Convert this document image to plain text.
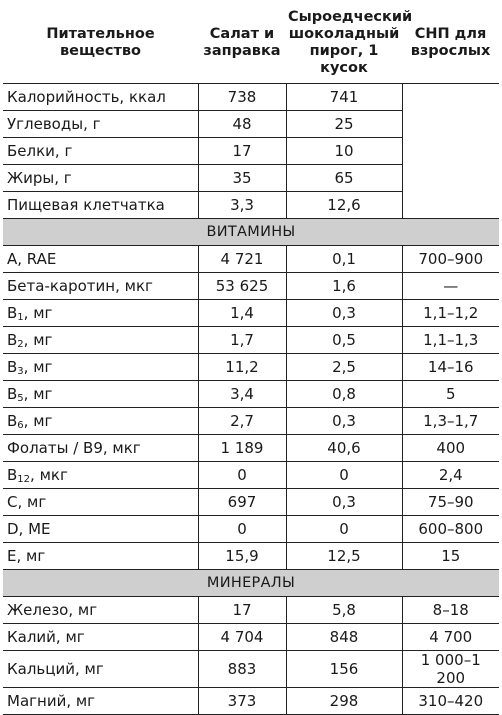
Питательное вещество	Салат и заправка	Сыроедческий шоколадный пирог, 1 кусок	СНП для взрослых
Калорийность, ккал	738	741	
Углеводы, г	48	25	
Белки, г	17	10	
Жиры, г	35	65	
Пищевая клетчатка	3,3	12,6	
ВИТАМИНЫ			
A, RAE	4 721	0,1	700–900
Бета-каротин, мкг	53 625	1,6	—
$B_1$, мг	1,4	0,3	1,1–1,2
$B_2$, мг	1,7	0,5	1,1–1,3
$B_3$, мг	11,2	2,5	14–16
$B_5$, мг	3,4	0,8	5
$B_6$, мг	2,7	0,3	1,3–1,7
Фолаты / B9, мкг	1 189	40,6	400
$B_{12}$, мкг	0	0	2,4
C, мг	697	0,3	75–90
D, ME	0	0	600–800
E, мг	15,9	12,5	15
МИНЕРАЛЫ			
Железо, мг	17	5,8	8–18
Калий, мг	4 704	848	4 700
Кальций, мг	883	156	1 000–1 200
Магний, мг	373	298	310–420
